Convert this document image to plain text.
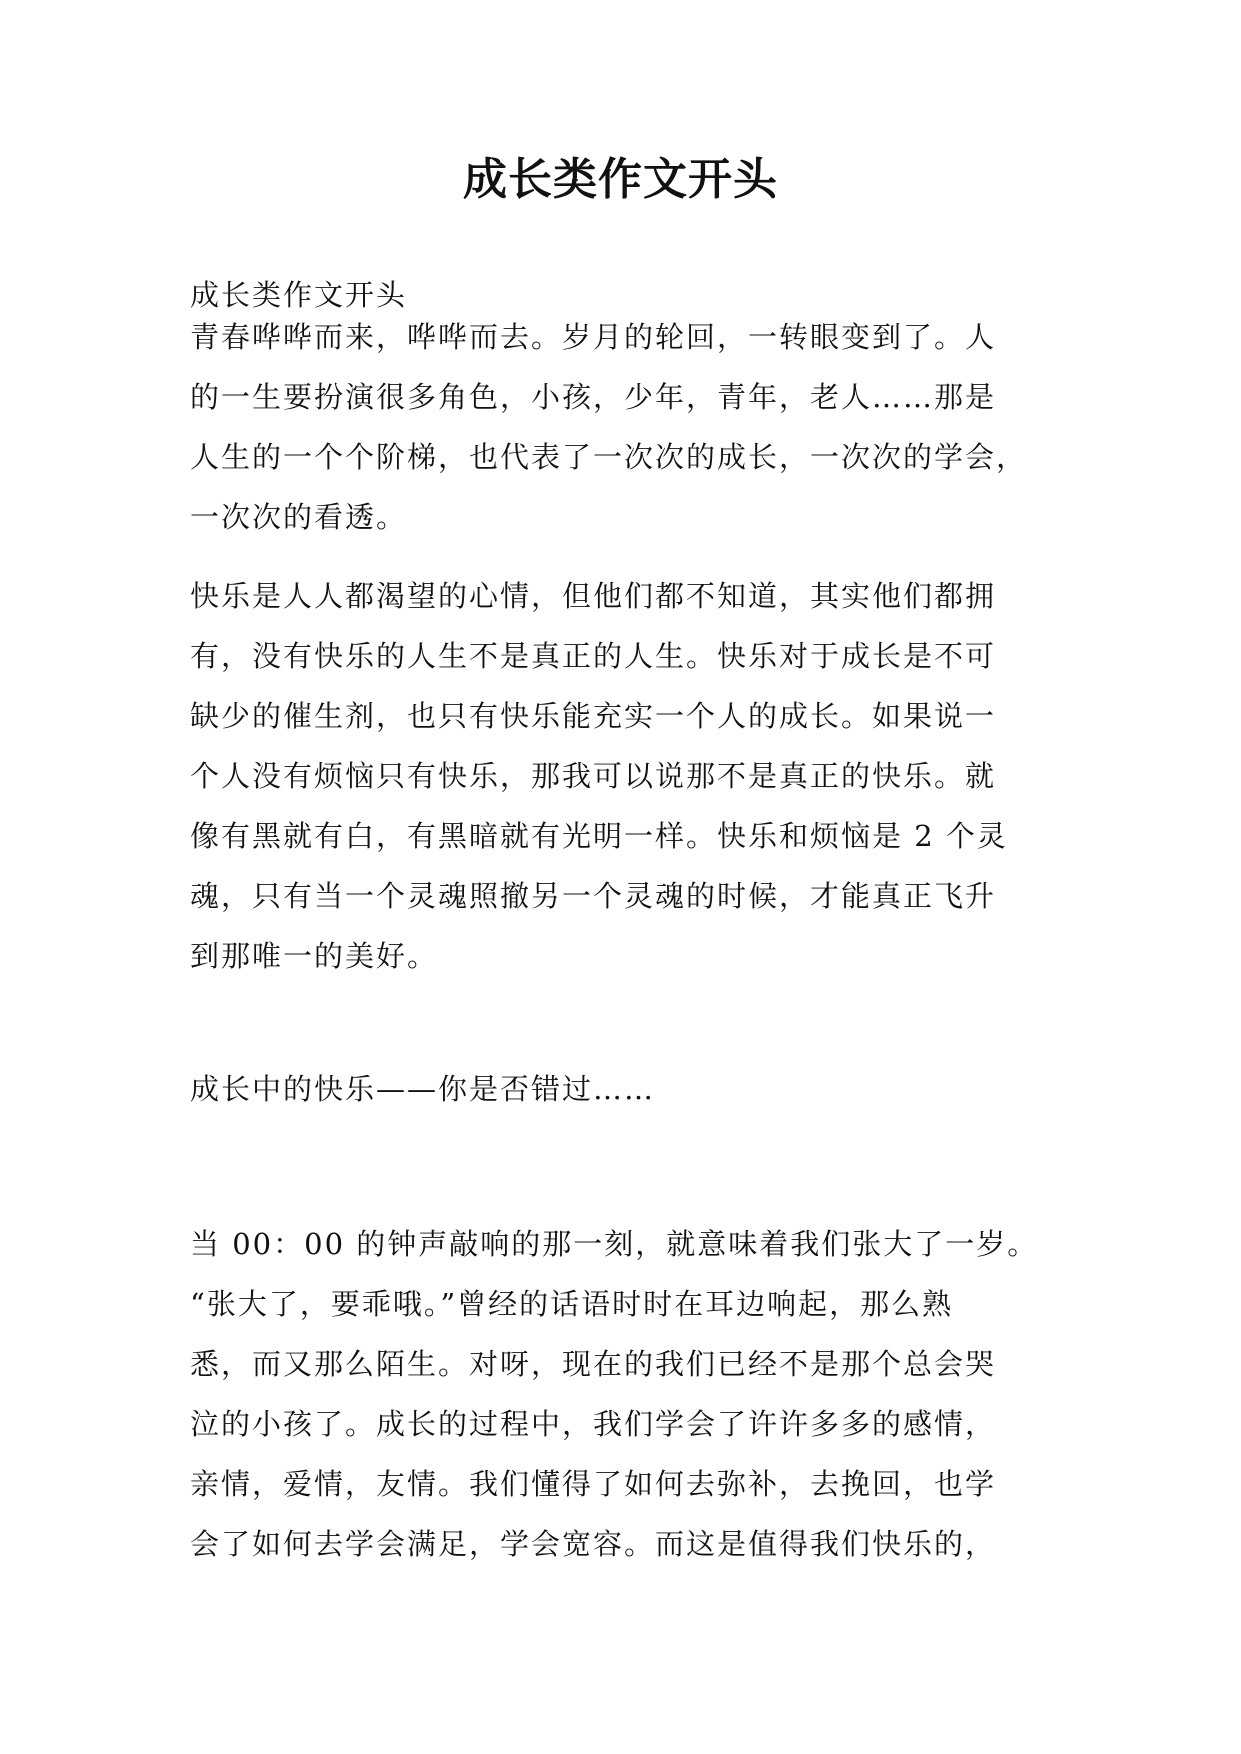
成长类作文开头
成长类作文开头
青春哗哗而来，哗哗而去。岁月的轮回，一转眼变到了。人
的一生要扮演很多角色，小孩，少年，青年，老人……那是
人生的一个个阶梯，也代表了一次次的成长，一次次的学会，
一次次的看透。
快乐是人人都渴望的心情，但他们都不知道，其实他们都拥
有，没有快乐的人生不是真正的人生。快乐对于成长是不可
缺少的催生剂，也只有快乐能充实一个人的成长。如果说一
个人没有烦恼只有快乐，那我可以说那不是真正的快乐。就
像有黑就有白，有黑暗就有光明一样。快乐和烦恼是 2 个灵
魂，只有当一个灵魂照撤另一个灵魂的时候，才能真正飞升
到那唯一的美好。
成长中的快乐——你是否错过……
当 00：00 的钟声敲响的那一刻，就意味着我们张大了一岁。
“张大了，要乖哦。”曾经的话语时时在耳边响起，那么熟
悉，而又那么陌生。对呀，现在的我们已经不是那个总会哭
泣的小孩了。成长的过程中，我们学会了许许多多的感情，
亲情，爱情，友情。我们懂得了如何去弥补，去挽回，也学
会了如何去学会满足，学会宽容。而这是值得我们快乐的，
